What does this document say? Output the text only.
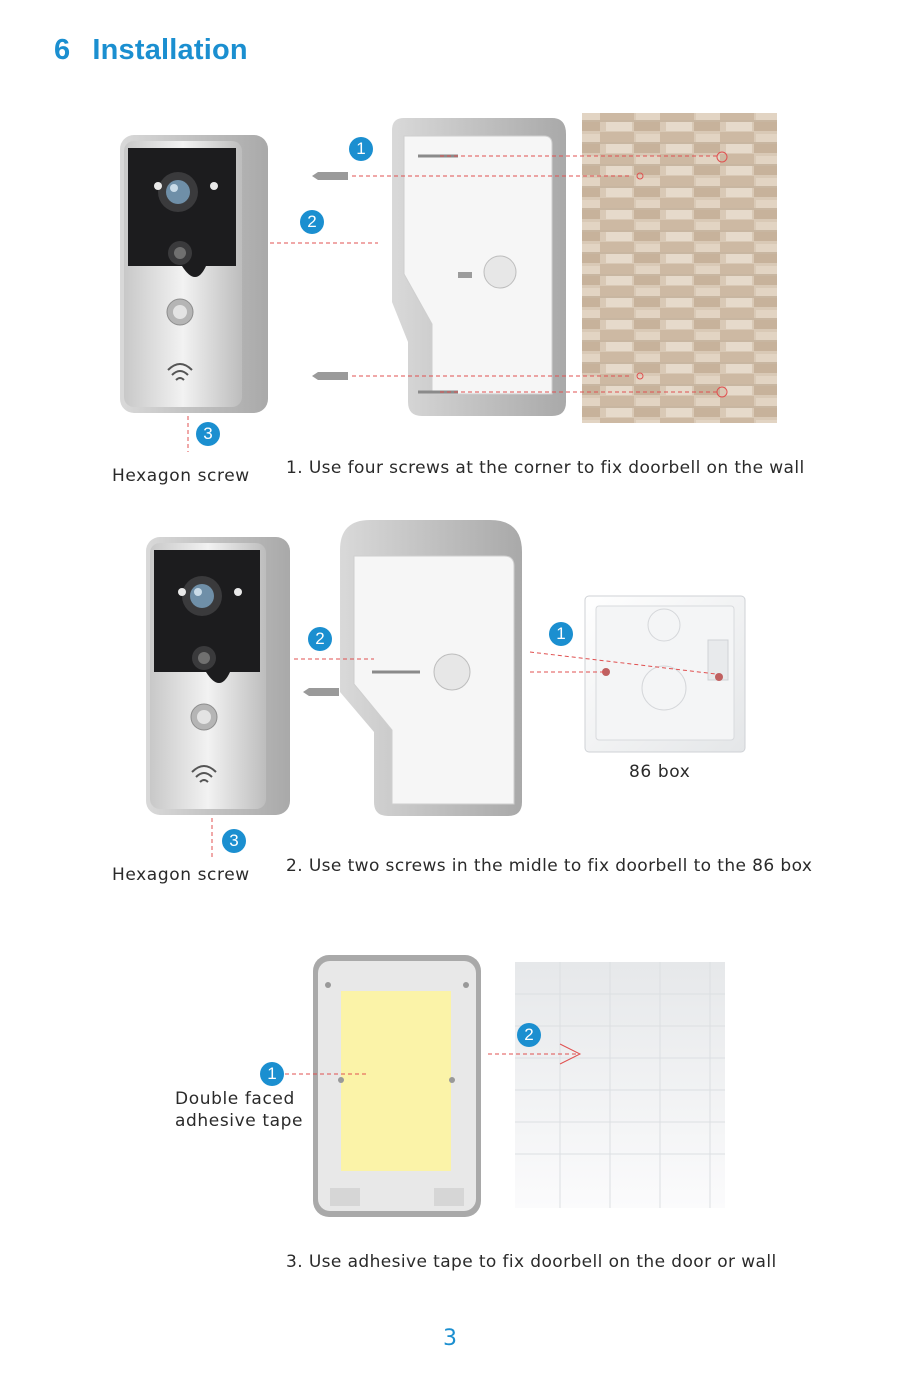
6 Installation
1
2
3
Hexagon screw 1. Use four screws at the corner to fix doorbell on the wall
2	1
3
86 box
Hexagon screw 2. Use two screws in the midle to fix doorbell to the 86 box
1
2
Double faced
adhesive tape
3. Use adhesive tape to fix doorbell on the door or wall
3
